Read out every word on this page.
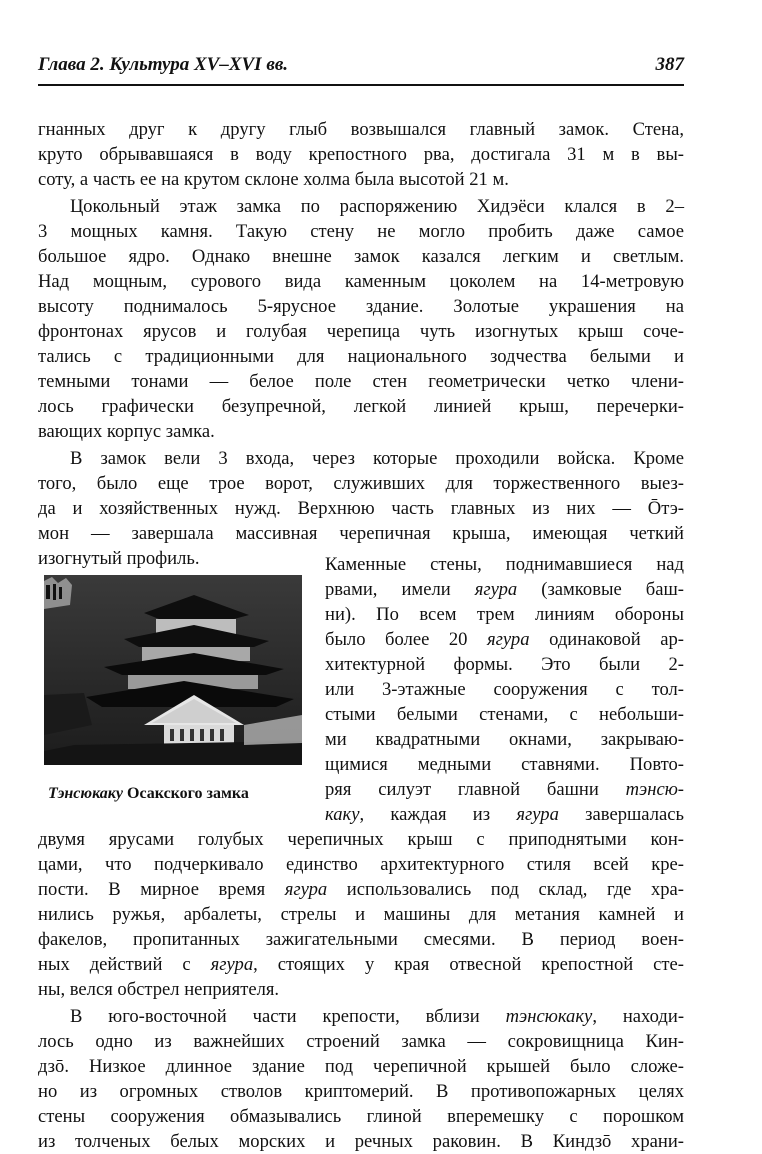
Глава 2. Культура XV–XVI вв.	387
гнанных друг к другу глыб возвышался главный замок. Стена,
круто обрывавшаяся в воду крепостного рва, достигала 31 м в вы-
соту, а часть ее на крутом склоне холма была высотой 21 м.
Цокольный этаж замка по распоряжению Хидэёси клался в 2–
3 мощных камня. Такую стену не могло пробить даже самое
большое ядро. Однако внешне замок казался легким и светлым.
Над мощным, сурового вида каменным цоколем на 14-метровую
высоту поднималось 5-ярусное здание. Золотые украшения на
фронтонах ярусов и голубая черепица чуть изогнутых крыш соче-
тались с традиционными для национального зодчества белыми и
темными тонами — белое поле стен геометрически четко члени-
лось графически безупречной, легкой линией крыш, перечерки-
вающих корпус замка.
В замок вели 3 входа, через которые проходили войска. Кроме
того, было еще трое ворот, служивших для торжественного выез-
да и хозяйственных нужд. Верхнюю часть главных из них — Ōтэ-
мон — завершала массивная черепичная крыша, имеющая четкий
изогнутый профиль.	Каменные стены, поднимавшиеся над
рвами, имели ягура (замковые баш-
ни). По всем трем линиям обороны
было более 20 ягура одинаковой ар-
хитектурной формы. Это были 2-
или 3-этажные сооружения с тол-
стыми белыми стенами, с небольши-
ми квадратными окнами, закрываю-
щимися медными ставнями. Повто-
ряя силуэт главной башни тэнсю-
каку, каждая из ягура завершалась
двумя ярусами голубых черепичных крыш с приподнятыми кон-
цами, что подчеркивало единство архитектурного стиля всей кре-
пости. В мирное время ягура использовались под склад, где хра-
нились ружья, арбалеты, стрелы и машины для метания камней и
факелов, пропитанных зажигательными смесями. В период воен-
ных действий с ягура, стоящих у края отвесной крепостной сте-
ны, велся обстрел неприятеля.
В юго-восточной части крепости, вблизи тэнсюкаку, находи-
лось одно из важнейших строений замка — сокровищница Кин-
дзō. Низкое длинное здание под черепичной крышей было сложе-
но из огромных стволов криптомерий. В противопожарных целях
стены сооружения обмазывались глиной вперемешку с порошком
из толченых белых морских и речных раковин. В Киндзō храни-
Тэнсюкаку Осакского замка
